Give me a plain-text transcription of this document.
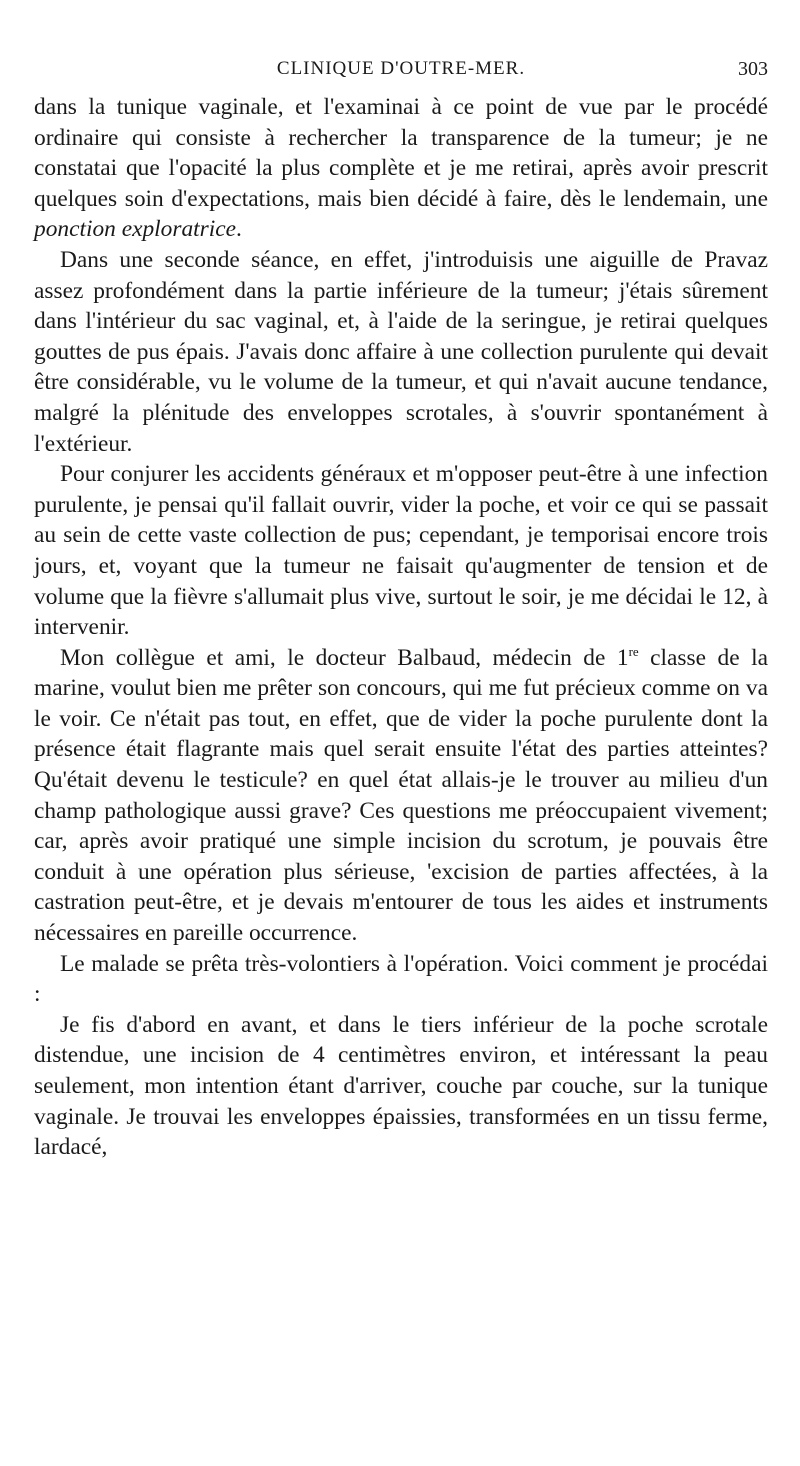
CLINIQUE D'OUTRE-MER.	303

dans la tunique vaginale, et l'examinai à ce point de vue par le procédé ordinaire qui consiste à rechercher la transparence de la tumeur; je ne constatai que l'opacité la plus complète et je me retirai, après avoir prescrit quelques soin d'expectations, mais bien décidé à faire, dès le lendemain, une ponction exploratrice.

Dans une seconde séance, en effet, j'introduisis une aiguille de Pravaz assez profondément dans la partie inférieure de la tumeur; j'étais sûrement dans l'intérieur du sac vaginal, et, à l'aide de la seringue, je retirai quelques gouttes de pus épais. J'avais donc affaire à une collection purulente qui devait être considérable, vu le volume de la tumeur, et qui n'avait aucune tendance, malgré la plénitude des enveloppes scrotales, à s'ouvrir spontanément à l'extérieur.

Pour conjurer les accidents généraux et m'opposer peut-être à une infection purulente, je pensai qu'il fallait ouvrir, vider la poche, et voir ce qui se passait au sein de cette vaste collection de pus; cependant, je temporisai encore trois jours, et, voyant que la tumeur ne faisait qu'augmenter de tension et de volume que la fièvre s'allumait plus vive, surtout le soir, je me décidai le 12, à intervenir.

Mon collègue et ami, le docteur Balbaud, médecin de 1re classe de la marine, voulut bien me prêter son concours, qui me fut précieux comme on va le voir. Ce n'était pas tout, en effet, que de vider la poche purulente dont la présence était flagrante mais quel serait ensuite l'état des parties atteintes? Qu'était devenu le testicule? en quel état allais-je le trouver au milieu d'un champ pathologique aussi grave? Ces questions me préoccupaient vivement; car, après avoir pratiqué une simple incision du scrotum, je pouvais être conduit à une opération plus sérieuse, 'excision de parties affectées, à la castration peut-être, et je devais m'entourer de tous les aides et instruments nécessaires en pareille occurrence.

Le malade se prêta très-volontiers à l'opération. Voici comment je procédai :

Je fis d'abord en avant, et dans le tiers inférieur de la poche scrotale distendue, une incision de 4 centimètres environ, et intéressant la peau seulement, mon intention étant d'arriver, couche par couche, sur la tunique vaginale. Je trouvai les enveloppes épaissies, transformées en un tissu ferme, lardacé,
